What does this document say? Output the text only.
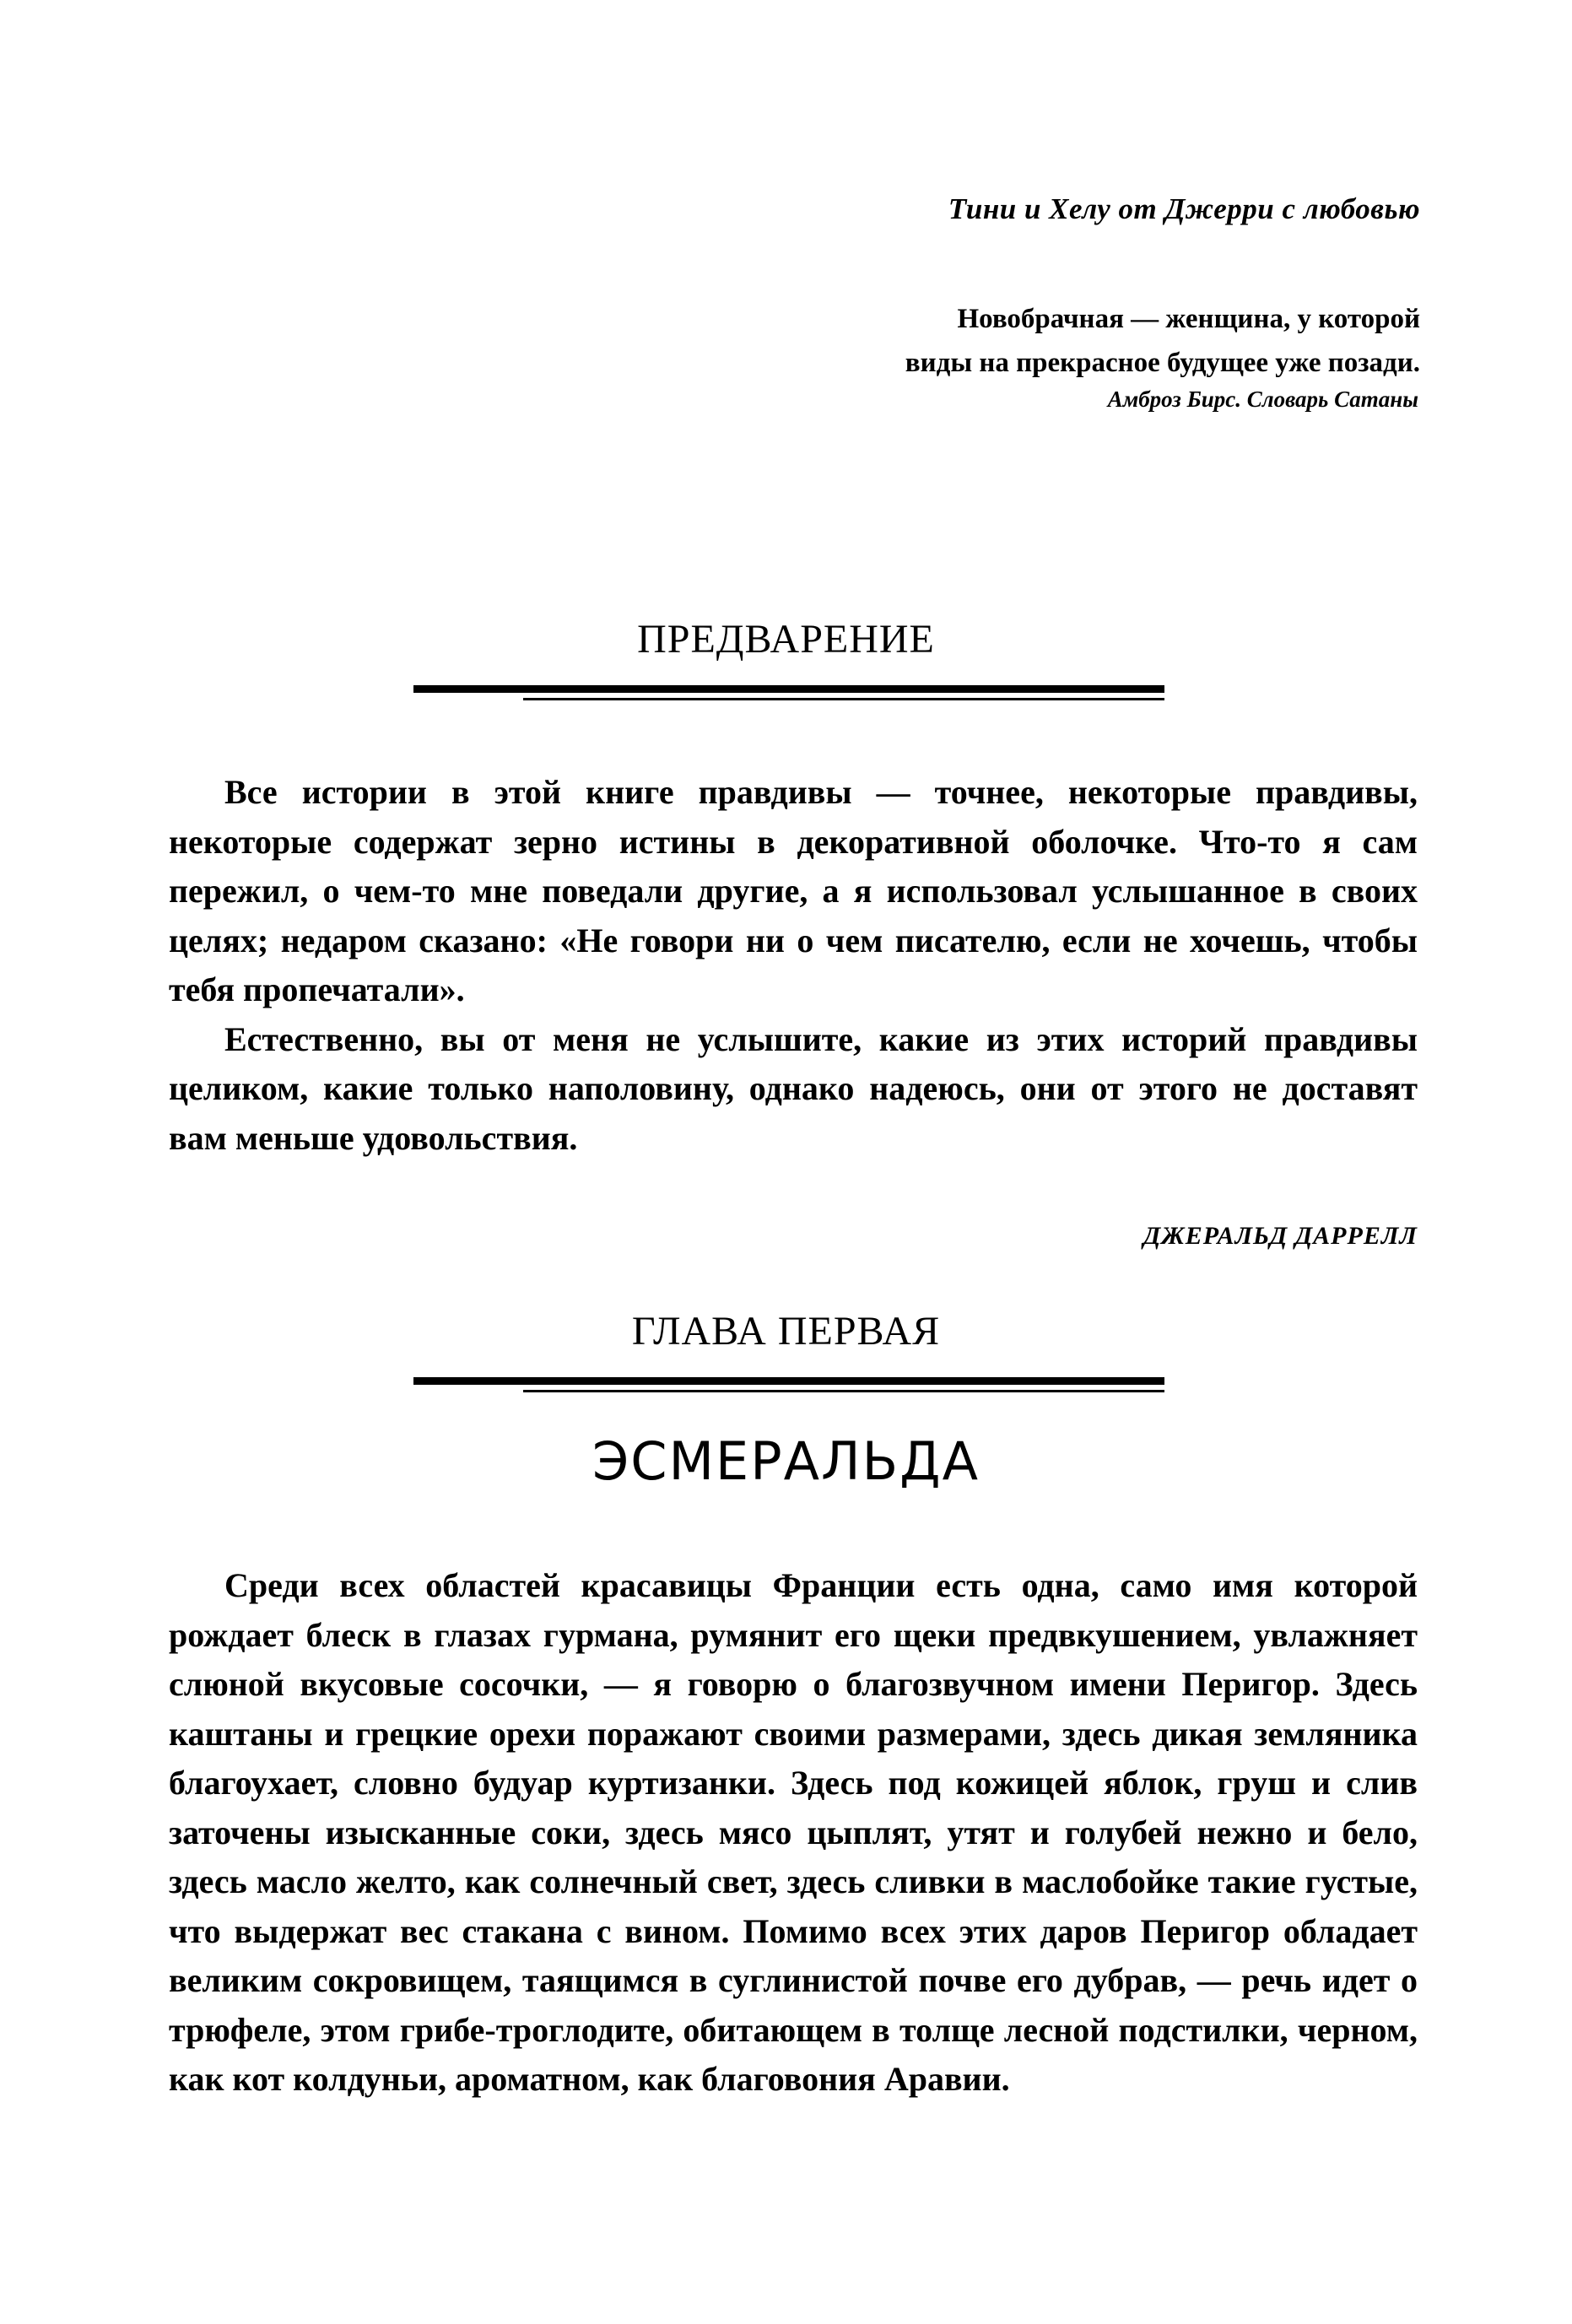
Тини и Хелу от Джерри с любовью
Новобрачная — женщина, у которой
виды на прекрасное будущее уже позади.
Амброз Бирс. Словарь Сатаны
ПРЕДВАРЕНИЕ

Все истории в этой книге правдивы — точнее, некоторые правдивы, некоторые содержат зерно истины в декоративной оболочке. Что-то я сам пережил, о чем-то мне поведали другие, а я использовал услышанное в своих целях; недаром сказано: «Не говори ни о чем писателю, если не хочешь, чтобы тебя пропечатали».

Естественно, вы от меня не услышите, какие из этих историй правдивы целиком, какие только наполовину, однако надеюсь, они от этого не доставят вам меньше удовольствия.

ДЖЕРАЛЬД ДАРРЕЛЛ
ГЛАВА ПЕРВАЯ
ЭСМЕРАЛЬДА

Среди всех областей красавицы Франции есть одна, само имя которой рождает блеск в глазах гурмана, румянит его щеки предвкушением, увлажняет слюной вкусовые сосочки, — я говорю о благозвучном имени Перигор. Здесь каштаны и грецкие орехи поражают своими размерами, здесь дикая земляника благоухает, словно будуар куртизанки. Здесь под кожицей яблок, груш и слив заточены изысканные соки, здесь мясо цыплят, утят и голубей нежно и бело, здесь масло желто, как солнечный свет, здесь сливки в маслобойке такие густые, что выдержат вес стакана с вином. Помимо всех этих даров Перигор обладает великим сокровищем, таящимся в суглинистой почве его дубрав, — речь идет о трюфеле, этом грибе-троглодите, обитающем в толще лесной подстилки, черном, как кот колдуньи, ароматном, как благовония Аравии.
